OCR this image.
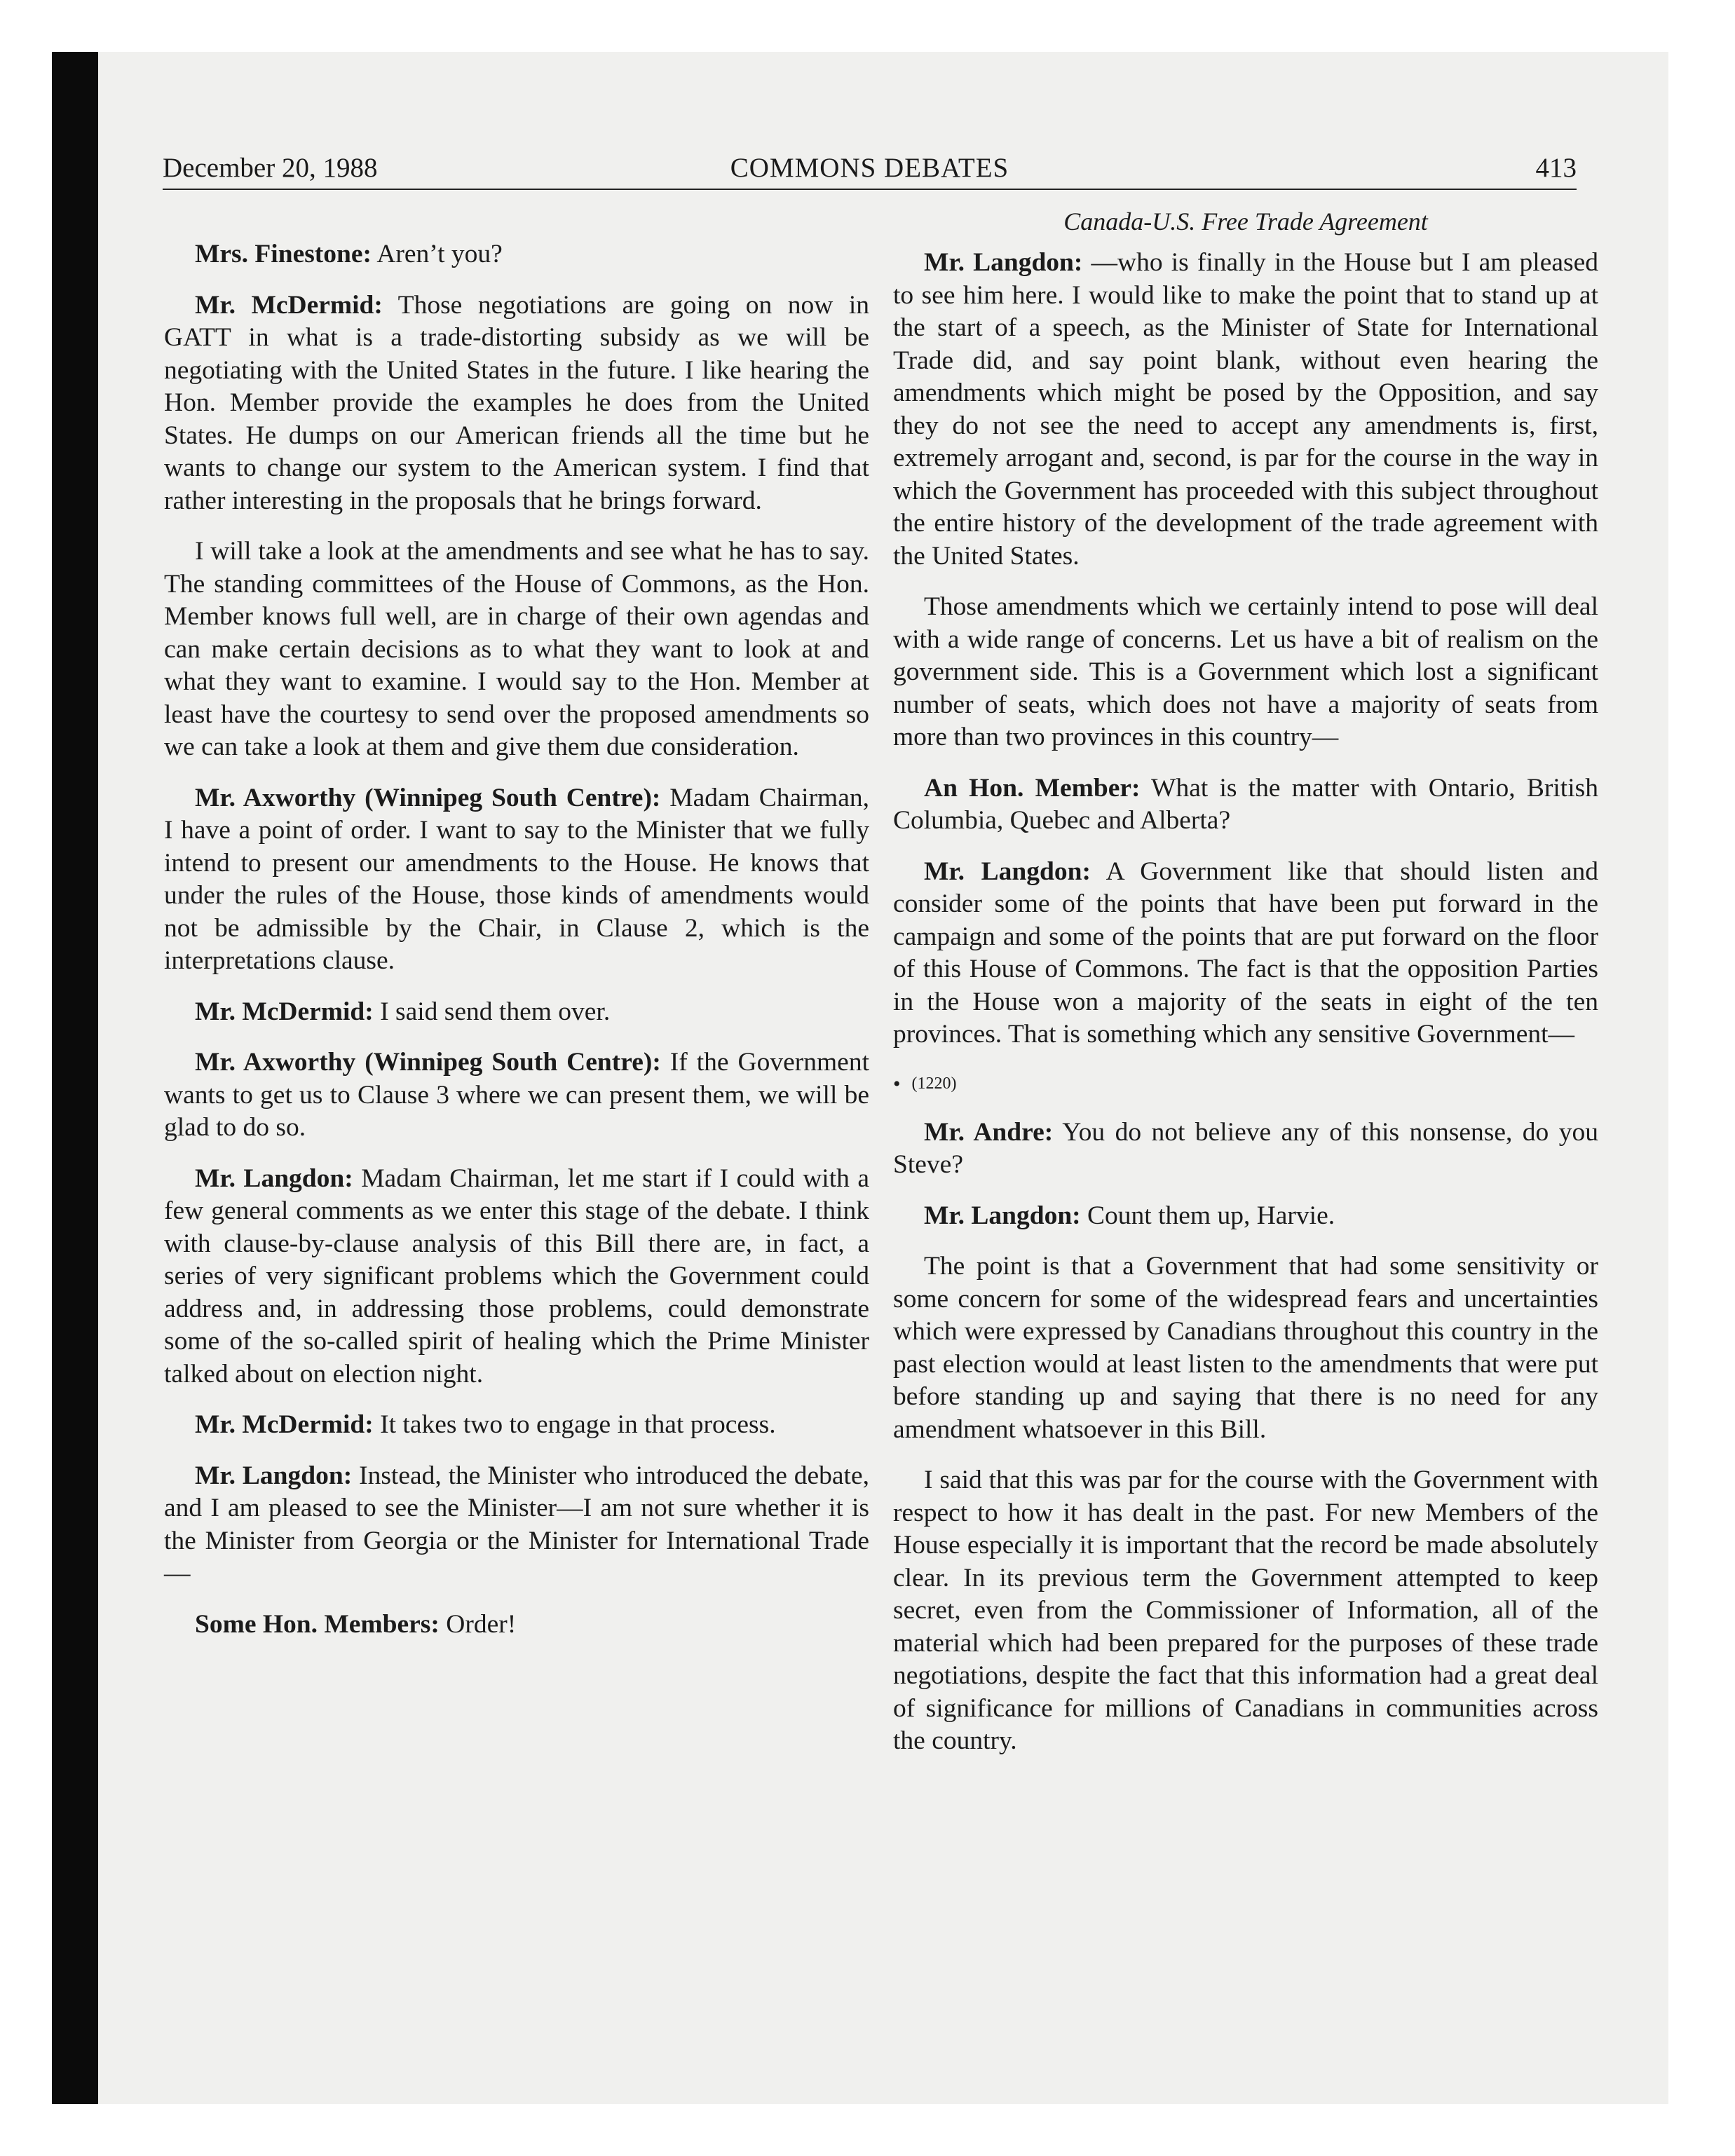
December 20, 1988	COMMONS DEBATES	413

Mrs. Finestone: Aren’t you?

Mr. McDermid: Those negotiations are going on now in GATT in what is a trade-distorting subsidy as we will be negotiating with the United States in the future. I like hearing the Hon. Member provide the examples he does from the United States. He dumps on our American friends all the time but he wants to change our system to the American system. I find that rather interesting in the proposals that he brings forward.

I will take a look at the amendments and see what he has to say. The standing committees of the House of Commons, as the Hon. Member knows full well, are in charge of their own agendas and can make certain decisions as to what they want to look at and what they want to examine. I would say to the Hon. Member at least have the courtesy to send over the proposed amendments so we can take a look at them and give them due consideration.

Mr. Axworthy (Winnipeg South Centre): Madam Chairman, I have a point of order. I want to say to the Minister that we fully intend to present our amendments to the House. He knows that under the rules of the House, those kinds of amendments would not be admissible by the Chair, in Clause 2, which is the interpretations clause.

Mr. McDermid: I said send them over.

Mr. Axworthy (Winnipeg South Centre): If the Government wants to get us to Clause 3 where we can present them, we will be glad to do so.

Mr. Langdon: Madam Chairman, let me start if I could with a few general comments as we enter this stage of the debate. I think with clause-by-clause analysis of this Bill there are, in fact, a series of very significant problems which the Government could address and, in addressing those problems, could demonstrate some of the so-called spirit of healing which the Prime Minister talked about on election night.

Mr. McDermid: It takes two to engage in that process.

Mr. Langdon: Instead, the Minister who introduced the debate, and I am pleased to see the Minister—I am not sure whether it is the Minister from Georgia or the Minister for International Trade—

Some Hon. Members: Order!

Canada-U.S. Free Trade Agreement

Mr. Langdon: —who is finally in the House but I am pleased to see him here. I would like to make the point that to stand up at the start of a speech, as the Minister of State for International Trade did, and say point blank, without even hearing the amendments which might be posed by the Opposition, and say they do not see the need to accept any amendments is, first, extremely arrogant and, second, is par for the course in the way in which the Government has proceeded with this subject throughout the entire history of the development of the trade agreement with the United States.

Those amendments which we certainly intend to pose will deal with a wide range of concerns. Let us have a bit of realism on the government side. This is a Government which lost a significant number of seats, which does not have a majority of seats from more than two provinces in this country—

An Hon. Member: What is the matter with Ontario, British Columbia, Quebec and Alberta?

Mr. Langdon: A Government like that should listen and consider some of the points that have been put forward in the campaign and some of the points that are put forward on the floor of this House of Commons. The fact is that the opposition Parties in the House won a majority of the seats in eight of the ten provinces. That is something which any sensitive Government—

• (1220)

Mr. Andre: You do not believe any of this nonsense, do you Steve?

Mr. Langdon: Count them up, Harvie.

The point is that a Government that had some sensitivity or some concern for some of the widespread fears and uncertainties which were expressed by Canadians throughout this country in the past election would at least listen to the amendments that were put before standing up and saying that there is no need for any amendment whatsoever in this Bill.

I said that this was par for the course with the Government with respect to how it has dealt in the past. For new Members of the House especially it is important that the record be made absolutely clear. In its previous term the Government attempted to keep secret, even from the Commissioner of Information, all of the material which had been prepared for the purposes of these trade negotiations, despite the fact that this information had a great deal of significance for millions of Canadians in communities across the country.
